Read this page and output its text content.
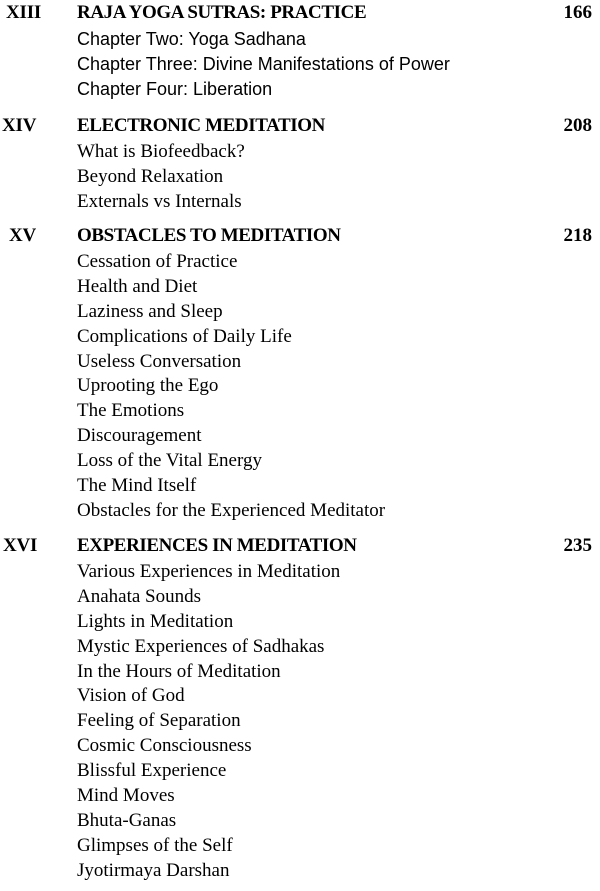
XIII RAJA YOGA SUTRAS: PRACTICE	166
Chapter Two: Yoga Sadhana
Chapter Three: Divine Manifestations of Power
Chapter Four: Liberation
XIV ELECTRONIC MEDITATION	208
What is Biofeedback?
Beyond Relaxation
Externals vs Internals
XV OBSTACLES TO MEDITATION	218
Cessation of Practice
Health and Diet
Laziness and Sleep
Complications of Daily Life
Useless Conversation
Uprooting the Ego
The Emotions
Discouragement
Loss of the Vital Energy
The Mind Itself
Obstacles for the Experienced Meditator
XVI EXPERIENCES IN MEDITATION	235
Various Experiences in Meditation
Anahata Sounds
Lights in Meditation
Mystic Experiences of Sadhakas
In the Hours of Meditation
Vision of God
Feeling of Separation
Cosmic Consciousness
Blissful Experience
Mind Moves
Bhuta-Ganas
Glimpses of the Self
Jyotirmaya Darshan
